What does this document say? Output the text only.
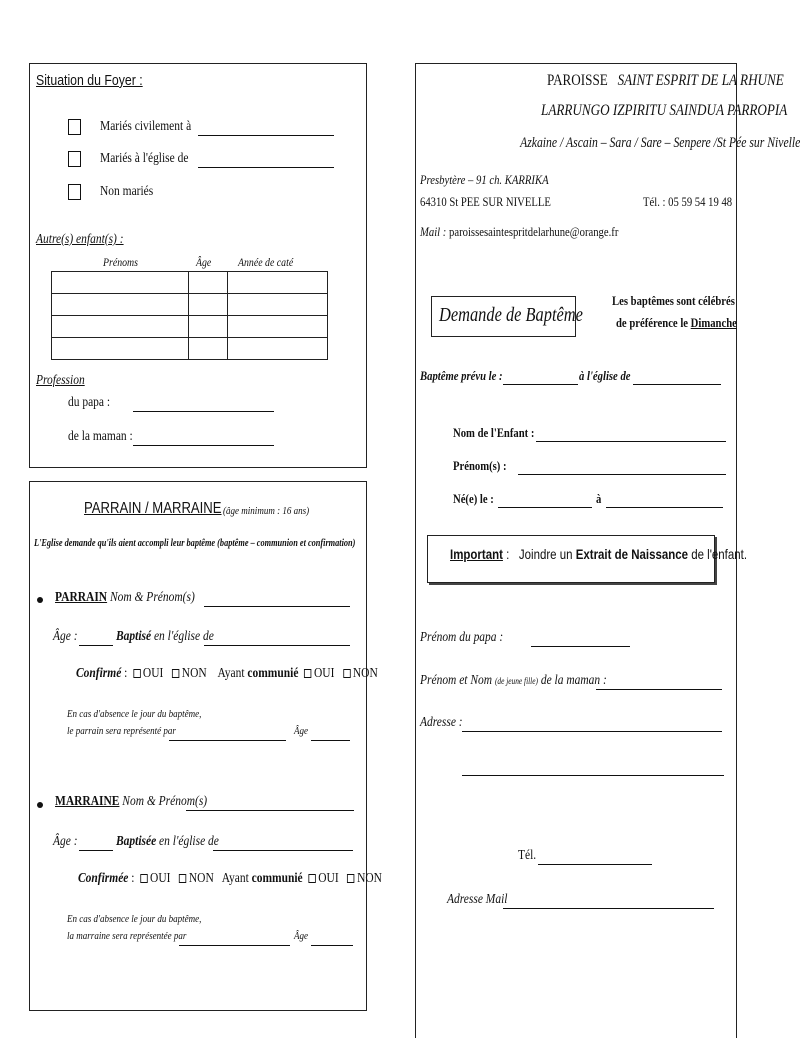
Situation du Foyer :
Mariés civilement à
Mariés à l'église de
Non mariés
Autre(s) enfant(s) :
Prénoms	Âge Année de caté

Profession
du papa :
de la maman :
PARRAIN / MARRAINE (âge minimum : 16 ans)
L'Eglise demande qu'ils aient accompli leur baptême (baptême – communion et confirmation)
PARRAIN Nom & Prénom(s)
Âge :	Baptisé en l'église de
Confirmé :  OUI NON Ayant communié OUI NON
En cas d'absence le jour du baptême,
le parrain sera représenté par	Âge
MARRAINE Nom & Prénom(s)
Âge :	Baptisée en l'église de
Confirmée :  OUI NON Ayant communié OUI NON
En cas d'absence le jour du baptême,
la marraine sera représentée par	Âge
PAROISSE SAINT ESPRIT DE LA RHUNE
LARRUNGO IZPIRITU SAINDUA PARROPIA
Azkaine / Ascain – Sara / Sare – Senpere /St Pée sur Nivelle
Presbytère – 91 ch. KARRIKA
64310 St PEE SUR NIVELLE	Tél. : 05 59 54 19 48
Mail : paroissesaintespritdelarhune@orange.fr
Demande de Baptême
Les baptêmes sont célébrés
de préférence le Dimanche
Baptême prévu le :	à l'église de
Nom de l'Enfant :
Prénom(s) :
Né(e) le :	à
Important :   Joindre un Extrait de Naissance de l'enfant.
Prénom du papa :
Prénom et Nom (de jeune fille) de la maman :
Adresse :
Tél.
Adresse Mail
